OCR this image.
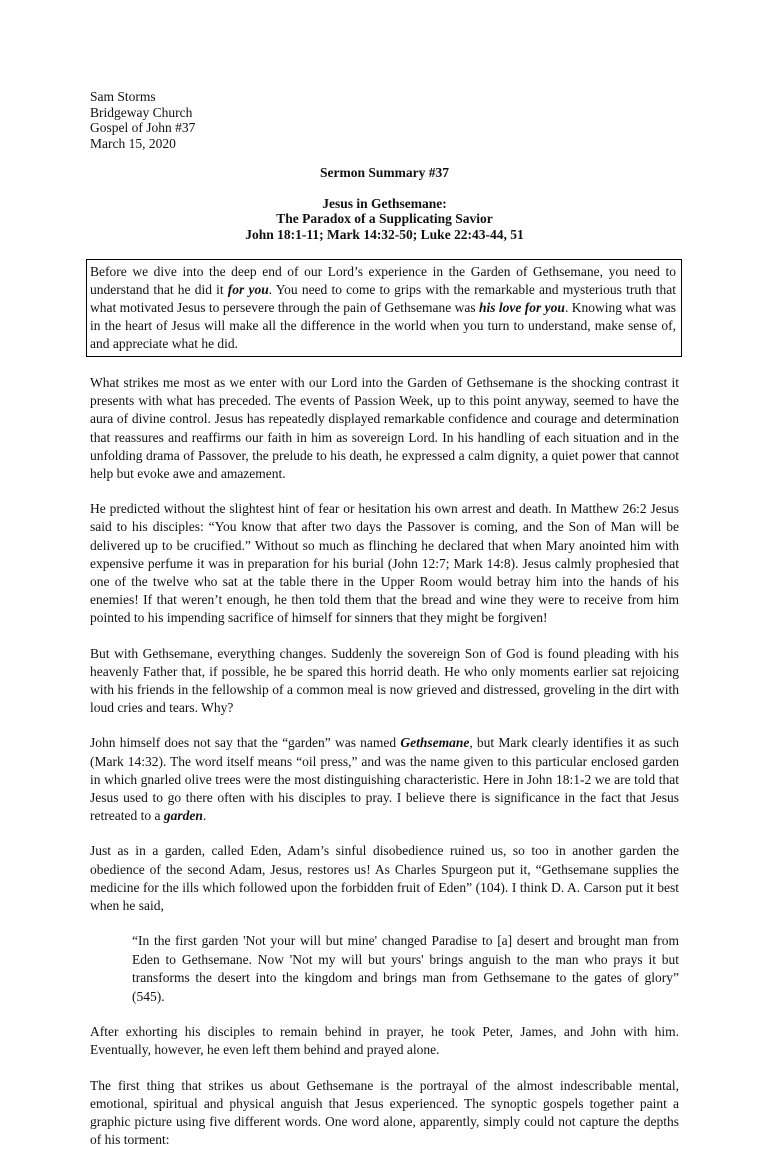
Sam Storms
Bridgeway Church
Gospel of John #37
March 15, 2020
Sermon Summary #37
Jesus in Gethsemane:
The Paradox of a Supplicating Savior
John 18:1-11; Mark 14:32-50; Luke 22:43-44, 51
Before we dive into the deep end of our Lord’s experience in the Garden of Gethsemane, you need to understand that he did it for you. You need to come to grips with the remarkable and mysterious truth that what motivated Jesus to persevere through the pain of Gethsemane was his love for you. Knowing what was in the heart of Jesus will make all the difference in the world when you turn to understand, make sense of, and appreciate what he did.

What strikes me most as we enter with our Lord into the Garden of Gethsemane is the shocking contrast it presents with what has preceded. The events of Passion Week, up to this point anyway, seemed to have the aura of divine control. Jesus has repeatedly displayed remarkable confidence and courage and determination that reassures and reaffirms our faith in him as sovereign Lord. In his handling of each situation and in the unfolding drama of Passover, the prelude to his death, he expressed a calm dignity, a quiet power that cannot help but evoke awe and amazement.

He predicted without the slightest hint of fear or hesitation his own arrest and death. In Matthew 26:2 Jesus said to his disciples: “You know that after two days the Passover is coming, and the Son of Man will be delivered up to be crucified.” Without so much as flinching he declared that when Mary anointed him with expensive perfume it was in preparation for his burial (John 12:7; Mark 14:8). Jesus calmly prophesied that one of the twelve who sat at the table there in the Upper Room would betray him into the hands of his enemies! If that weren’t enough, he then told them that the bread and wine they were to receive from him pointed to his impending sacrifice of himself for sinners that they might be forgiven!

But with Gethsemane, everything changes. Suddenly the sovereign Son of God is found pleading with his heavenly Father that, if possible, he be spared this horrid death. He who only moments earlier sat rejoicing with his friends in the fellowship of a common meal is now grieved and distressed, groveling in the dirt with loud cries and tears. Why?

John himself does not say that the “garden” was named Gethsemane, but Mark clearly identifies it as such (Mark 14:32). The word itself means “oil press,” and was the name given to this particular enclosed garden in which gnarled olive trees were the most distinguishing characteristic. Here in John 18:1-2 we are told that Jesus used to go there often with his disciples to pray. I believe there is significance in the fact that Jesus retreated to a garden.

Just as in a garden, called Eden, Adam’s sinful disobedience ruined us, so too in another garden the obedience of the second Adam, Jesus, restores us! As Charles Spurgeon put it, “Gethsemane supplies the medicine for the ills which followed upon the forbidden fruit of Eden” (104). I think D. A. Carson put it best when he said,

“In the first garden 'Not your will but mine' changed Paradise to [a] desert and brought man from Eden to Gethsemane. Now 'Not my will but yours' brings anguish to the man who prays it but transforms the desert into the kingdom and brings man from Gethsemane to the gates of glory” (545).

After exhorting his disciples to remain behind in prayer, he took Peter, James, and John with him. Eventually, however, he even left them behind and prayed alone.

The first thing that strikes us about Gethsemane is the portrayal of the almost indescribable mental, emotional, spiritual and physical anguish that Jesus experienced. The synoptic gospels together paint a graphic picture using five different words. One word alone, apparently, simply could not capture the depths of his torment:
